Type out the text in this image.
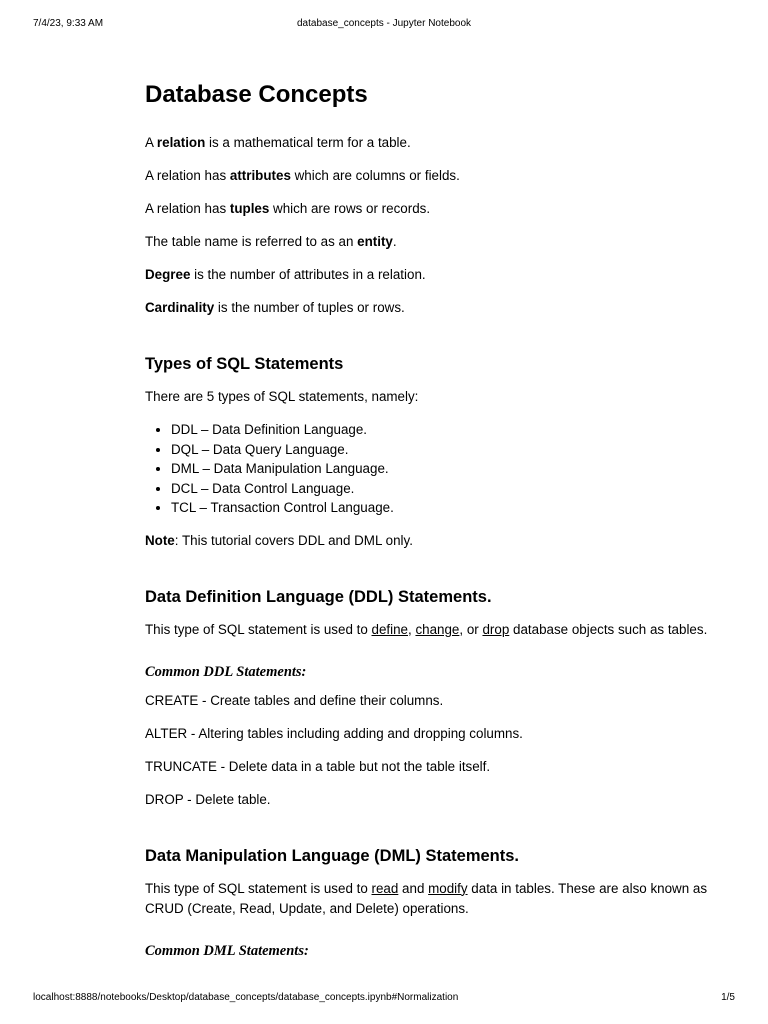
7/4/23, 9:33 AM	database_concepts - Jupyter Notebook
Database Concepts

A relation is a mathematical term for a table.

A relation has attributes which are columns or fields.

A relation has tuples which are rows or records.

The table name is referred to as an entity.

Degree is the number of attributes in a relation.

Cardinality is the number of tuples or rows.

Types of SQL Statements

There are 5 types of SQL statements, namely:

• DDL – Data Definition Language.
• DQL – Data Query Language.
• DML – Data Manipulation Language.
• DCL – Data Control Language.
• TCL – Transaction Control Language.

Note: This tutorial covers DDL and DML only.

Data Definition Language (DDL) Statements.

This type of SQL statement is used to define, change, or drop database objects such as tables.

Common DDL Statements:

CREATE - Create tables and define their columns.

ALTER - Altering tables including adding and dropping columns.

TRUNCATE - Delete data in a table but not the table itself.

DROP - Delete table.

Data Manipulation Language (DML) Statements.

This type of SQL statement is used to read and modify data in tables. These are also known as CRUD (Create, Read, Update, and Delete) operations.

Common DML Statements:
localhost:8888/notebooks/Desktop/database_concepts/database_concepts.ipynb#Normalization	1/5
